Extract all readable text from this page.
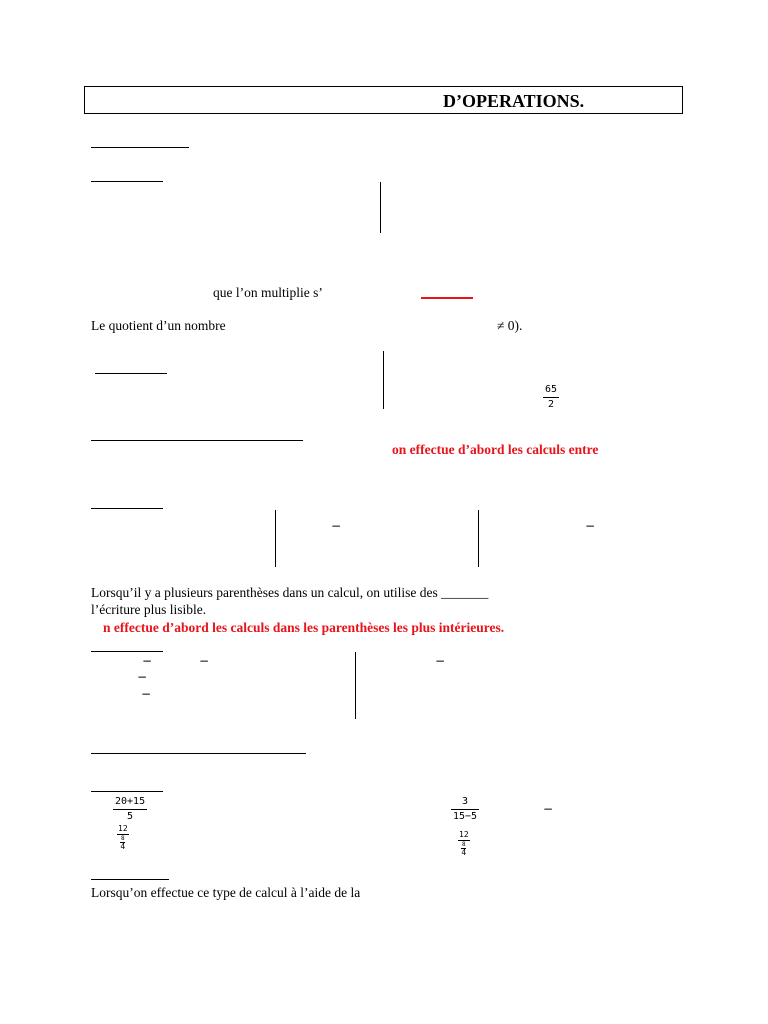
D’OPERATIONS.
que l’on multiplie s’
Le quotient d’un nombre	≠ 0).
65
2
on effectue d’abord les calculs entre
−	−
Lorsqu’il y a plusieurs parenthèses dans un calcul, on utilise des _______
l’écriture plus lisible.
n effectue d’abord les calculs dans les parenthèses les plus intérieures.
−	−
−
−
−
20+15
5
3
15−5
−
12
8
4
12
8
4
Lorsqu’on effectue ce type de calcul à l’aide de la
